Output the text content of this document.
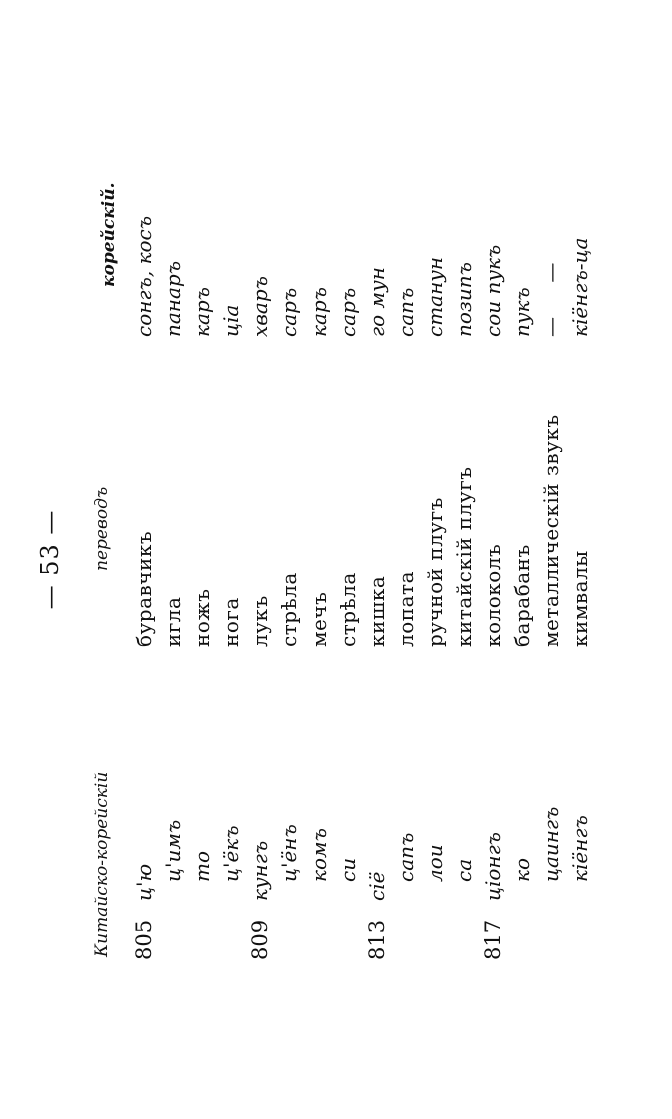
— 53 —
Китайско-корейскій
переводъ
корейскій.
805
ц'ю
буравчикъ
сонгъ, косъ
ц'имъ
игла
панаръ
то
ножъ
каръ
ц'ёкъ
нога
ціа
809
кунгъ
лукъ
хваръ
ц'ёнъ
стрѣла
саръ
комъ
мечъ
каръ
си
стрѣла
саръ
813
сiё
кишка
го мун
сапъ
лопата
сапъ
лои
ручной плугъ
станун
са
китайскій плугъ
позипъ
817
ціонгъ
колоколъ
сои пукъ
ко
барабанъ
пукъ
цаингъ
металлическій звукъ
— —
кiёнгъ
кимвалы
кiёнгъ-ца
